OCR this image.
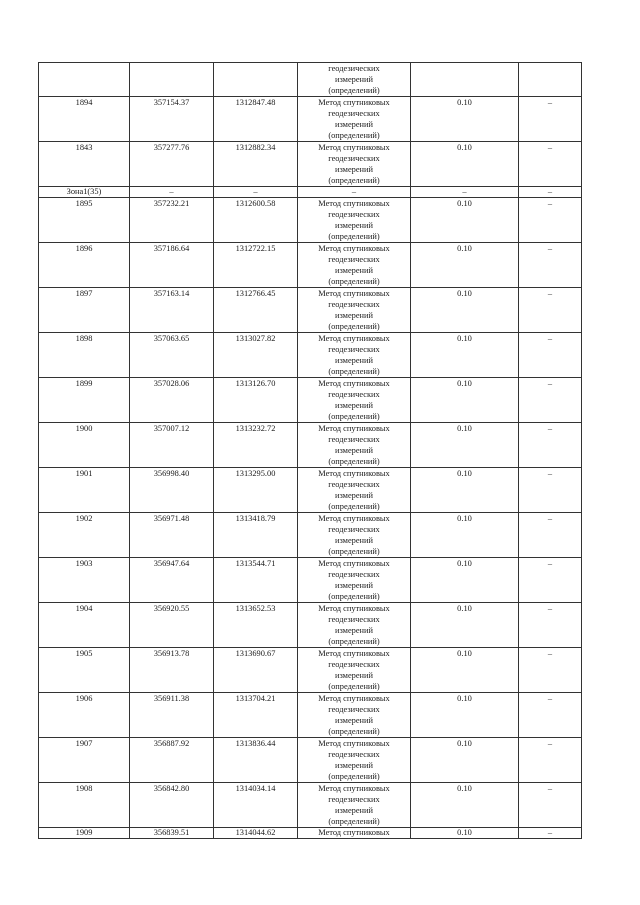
			геодезических
измерений
(определений)		
1894	357154.37	1312847.48	Метод спутниковых
геодезических
измерений
(определений)	0.10	–
1843	357277.76	1312882.34	Метод спутниковых
геодезических
измерений
(определений)	0.10	–
Зона1(35)	–	–	–	–	–
1895	357232.21	1312600.58	Метод спутниковых
геодезических
измерений
(определений)	0.10	–
1896	357186.64	1312722.15	Метод спутниковых
геодезических
измерений
(определений)	0.10	–
1897	357163.14	1312766.45	Метод спутниковых
геодезических
измерений
(определений)	0.10	–
1898	357063.65	1313027.82	Метод спутниковых
геодезических
измерений
(определений)	0.10	–
1899	357028.06	1313126.70	Метод спутниковых
геодезических
измерений
(определений)	0.10	–
1900	357007.12	1313232.72	Метод спутниковых
геодезических
измерений
(определений)	0.10	–
1901	356998.40	1313295.00	Метод спутниковых
геодезических
измерений
(определений)	0.10	–
1902	356971.48	1313418.79	Метод спутниковых
геодезических
измерений
(определений)	0.10	–
1903	356947.64	1313544.71	Метод спутниковых
геодезических
измерений
(определений)	0.10	–
1904	356920.55	1313652.53	Метод спутниковых
геодезических
измерений
(определений)	0.10	–
1905	356913.78	1313690.67	Метод спутниковых
геодезических
измерений
(определений)	0.10	–
1906	356911.38	1313704.21	Метод спутниковых
геодезических
измерений
(определений)	0.10	–
1907	356887.92	1313836.44	Метод спутниковых
геодезических
измерений
(определений)	0.10	–
1908	356842.80	1314034.14	Метод спутниковых
геодезических
измерений
(определений)	0.10	–
1909	356839.51	1314044.62	Метод спутниковых	0.10	–
